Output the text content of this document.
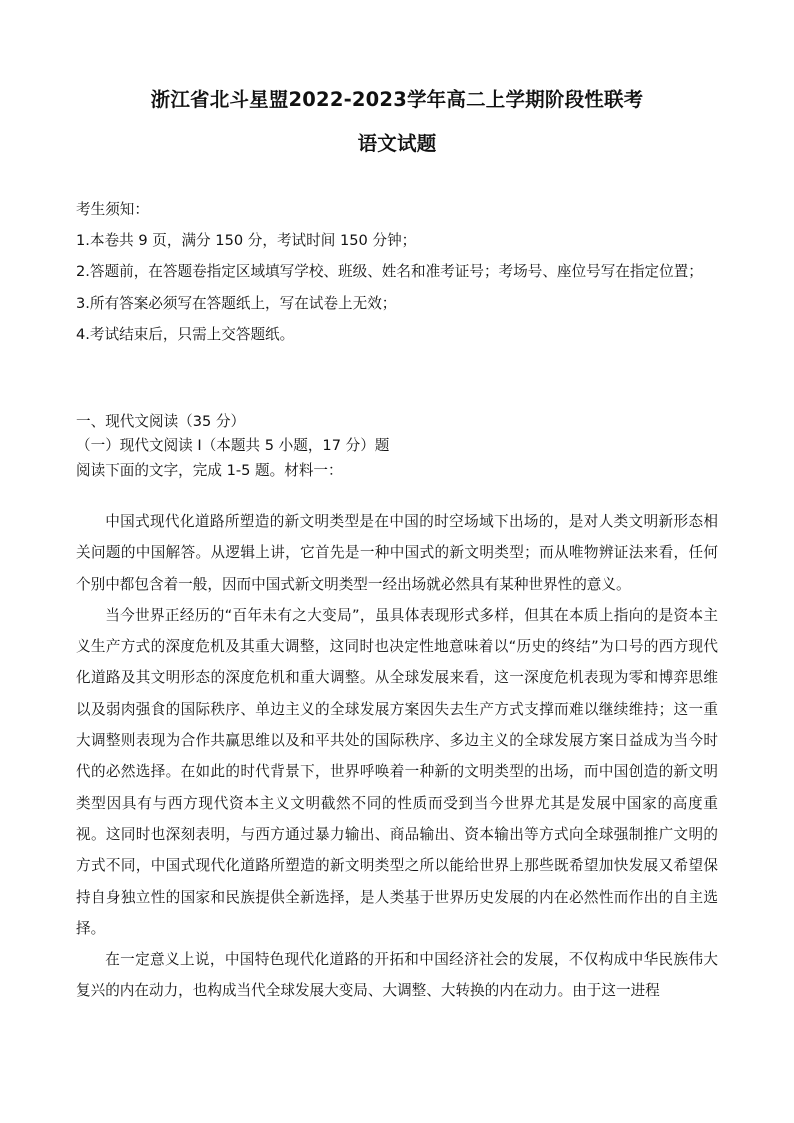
浙江省北斗星盟2022-2023学年高二上学期阶段性联考
语文试题

考生须知：

1.本卷共 9 页，满分 150 分，考试时间 150 分钟；

2.答题前，在答题卷指定区域填写学校、班级、姓名和准考证号；考场号、座位号写在指定位置；

3.所有答案必须写在答题纸上，写在试卷上无效；

4.考试结束后，只需上交答题纸。

一、现代文阅读（35 分）

（一）现代文阅读 I（本题共 5 小题，17 分）题

阅读下面的文字，完成 1-5 题。材料一：

中国式现代化道路所塑造的新文明类型是在中国的时空场域下出场的，是对人类文明新形态相关问题的中国解答。从逻辑上讲，它首先是一种中国式的新文明类型；而从唯物辨证法来看，任何个别中都包含着一般，因而中国式新文明类型一经出场就必然具有某种世界性的意义。

当今世界正经历的“百年未有之大变局”，虽具体表现形式多样，但其在本质上指向的是资本主义生产方式的深度危机及其重大调整，这同时也决定性地意味着以“历史的终结”为口号的西方现代化道路及其文明形态的深度危机和重大调整。从全球发展来看，这一深度危机表现为零和博弈思维以及弱肉强食的国际秩序、单边主义的全球发展方案因失去生产方式支撑而难以继续维持；这一重大调整则表现为合作共赢思维以及和平共处的国际秩序、多边主义的全球发展方案日益成为当今时代的必然选择。在如此的时代背景下，世界呼唤着一种新的文明类型的出场，而中国创造的新文明类型因具有与西方现代资本主义文明截然不同的性质而受到当今世界尤其是发展中国家的高度重视。这同时也深刻表明，与西方通过暴力输出、商品输出、资本输出等方式向全球强制推广文明的方式不同，中国式现代化道路所塑造的新文明类型之所以能给世界上那些既希望加快发展又希望保持自身独立性的国家和民族提供全新选择，是人类基于世界历史发展的内在必然性而作出的自主选择。

在一定意义上说，中国特色现代化道路的开拓和中国经济社会的发展，不仅构成中华民族伟大复兴的内在动力，也构成当代全球发展大变局、大调整、大转换的内在动力。由于这一进程
